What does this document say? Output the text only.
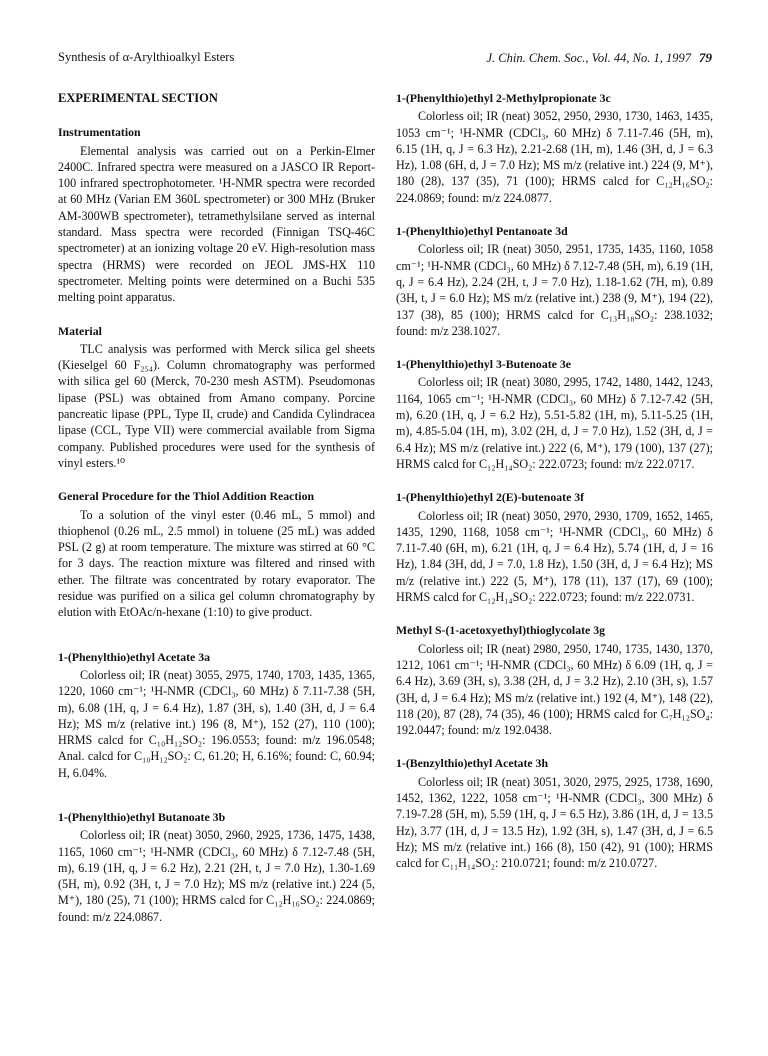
Synthesis of α-Arylthioalkyl Esters	J. Chin. Chem. Soc., Vol. 44, No. 1, 1997 79
EXPERIMENTAL SECTION
Instrumentation

Elemental analysis was carried out on a Perkin-Elmer 2400C. Infrared spectra were measured on a JASCO IR Report-100 infrared spectrophotometer. ¹H-NMR spectra were recorded at 60 MHz (Varian EM 360L spectrometer) or 300 MHz (Bruker AM-300WB spectrometer), tetramethylsilane served as internal standard. Mass spectra were recorded (Finnigan TSQ-46C spectrometer) at an ionizing voltage 20 eV. High-resolution mass spectra (HRMS) were recorded on JEOL JMS-HX 110 spectrometer. Melting points were determined on a Buchi 535 melting point apparatus.

Material

TLC analysis was performed with Merck silica gel sheets (Kieselgel 60 F₂₅₄). Column chromatography was performed with silica gel 60 (Merck, 70-230 mesh ASTM). Pseudomonas lipase (PSL) was obtained from Amano company. Porcine pancreatic lipase (PPL, Type II, crude) and Candida Cylindracea lipase (CCL, Type VII) were commercial available from Sigma company. Published procedures were used for the synthesis of vinyl esters.¹⁰

General Procedure for the Thiol Addition Reaction

To a solution of the vinyl ester (0.46 mL, 5 mmol) and thiophenol (0.26 mL, 2.5 mmol) in toluene (25 mL) was added PSL (2 g) at room temperature. The mixture was stirred at 60 °C for 3 days. The reaction mixture was filtered and rinsed with ether. The filtrate was concentrated by rotary evaporator. The residue was purified on a silica gel column chromatography by elution with EtOAc/n-hexane (1:10) to give product.

1-(Phenylthio)ethyl Acetate 3a

Colorless oil; IR (neat) 3055, 2975, 1740, 1703, 1435, 1365, 1220, 1060 cm⁻¹; ¹H-NMR (CDCl₃, 60 MHz) δ 7.11-7.38 (5H, m), 6.08 (1H, q, J = 6.4 Hz), 1.87 (3H, s), 1.40 (3H, d, J = 6.4 Hz); MS m/z (relative int.) 196 (8, M⁺), 152 (27), 110 (100); HRMS calcd for C₁₀H₁₂SO₂: 196.0553; found: m/z 196.0548; Anal. calcd for C₁₀H₁₂SO₂: C, 61.20; H, 6.16%; found: C, 60.94; H, 6.04%.

1-(Phenylthio)ethyl Butanoate 3b

Colorless oil; IR (neat) 3050, 2960, 2925, 1736, 1475, 1438, 1165, 1060 cm⁻¹; ¹H-NMR (CDCl₃, 60 MHz) δ 7.12-7.48 (5H, m), 6.19 (1H, q, J = 6.2 Hz), 2.21 (2H, t, J = 7.0 Hz), 1.30-1.69 (5H, m), 0.92 (3H, t, J = 7.0 Hz); MS m/z (relative int.) 224 (5, M⁺), 180 (25), 71 (100); HRMS calcd for C₁₂H₁₆SO₂: 224.0869; found: m/z 224.0867.

1-(Phenylthio)ethyl 2-Methylpropionate 3c

Colorless oil; IR (neat) 3052, 2950, 2930, 1730, 1463, 1435, 1053 cm⁻¹; ¹H-NMR (CDCl₃, 60 MHz) δ 7.11-7.46 (5H, m), 6.15 (1H, q, J = 6.3 Hz), 2.21-2.68 (1H, m), 1.46 (3H, d, J = 6.3 Hz), 1.08 (6H, d, J = 7.0 Hz); MS m/z (relative int.) 224 (9, M⁺), 180 (28), 137 (35), 71 (100); HRMS calcd for C₁₂H₁₆SO₂: 224.0869; found: m/z 224.0877.

1-(Phenylthio)ethyl Pentanoate 3d

Colorless oil; IR (neat) 3050, 2951, 1735, 1435, 1160, 1058 cm⁻¹; ¹H-NMR (CDCl₃, 60 MHz) δ 7.12-7.48 (5H, m), 6.19 (1H, q, J = 6.4 Hz), 2.24 (2H, t, J = 7.0 Hz), 1.18-1.62 (7H, m), 0.89 (3H, t, J = 6.0 Hz); MS m/z (relative int.) 238 (9, M⁺), 194 (22), 137 (38), 85 (100); HRMS calcd for C₁₃H₁₈SO₂: 238.1032; found: m/z 238.1027.

1-(Phenylthio)ethyl 3-Butenoate 3e

Colorless oil; IR (neat) 3080, 2995, 1742, 1480, 1442, 1243, 1164, 1065 cm⁻¹; ¹H-NMR (CDCl₃, 60 MHz) δ 7.12-7.42 (5H, m), 6.20 (1H, q, J = 6.2 Hz), 5.51-5.82 (1H, m), 5.11-5.25 (1H, m), 4.85-5.04 (1H, m), 3.02 (2H, d, J = 7.0 Hz), 1.52 (3H, d, J = 6.4 Hz); MS m/z (relative int.) 222 (6, M⁺), 179 (100), 137 (27); HRMS calcd for C₁₂H₁₄SO₂: 222.0723; found: m/z 222.0717.

1-(Phenylthio)ethyl 2(E)-butenoate 3f

Colorless oil; IR (neat) 3050, 2970, 2930, 1709, 1652, 1465, 1435, 1290, 1168, 1058 cm⁻¹; ¹H-NMR (CDCl₃, 60 MHz) δ 7.11-7.40 (6H, m), 6.21 (1H, q, J = 6.4 Hz), 5.74 (1H, d, J = 16 Hz), 1.84 (3H, dd, J = 7.0, 1.8 Hz), 1.50 (3H, d, J = 6.4 Hz); MS m/z (relative int.) 222 (5, M⁺), 178 (11), 137 (17), 69 (100); HRMS calcd for C₁₂H₁₄SO₂: 222.0723; found: m/z 222.0731.

Methyl S-(1-acetoxyethyl)thioglycolate 3g

Colorless oil; IR (neat) 2980, 2950, 1740, 1735, 1430, 1370, 1212, 1061 cm⁻¹; ¹H-NMR (CDCl₃, 60 MHz) δ 6.09 (1H, q, J = 6.4 Hz), 3.69 (3H, s), 3.38 (2H, d, J = 3.2 Hz), 2.10 (3H, s), 1.57 (3H, d, J = 6.4 Hz); MS m/z (relative int.) 192 (4, M⁺), 148 (22), 118 (20), 87 (28), 74 (35), 46 (100); HRMS calcd for C₇H₁₂SO₄: 192.0447; found: m/z 192.0438.

1-(Benzylthio)ethyl Acetate 3h

Colorless oil; IR (neat) 3051, 3020, 2975, 2925, 1738, 1690, 1452, 1362, 1222, 1058 cm⁻¹; ¹H-NMR (CDCl₃, 300 MHz) δ 7.19-7.28 (5H, m), 5.59 (1H, q, J = 6.5 Hz), 3.86 (1H, d, J = 13.5 Hz), 3.77 (1H, d, J = 13.5 Hz), 1.92 (3H, s), 1.47 (3H, d, J = 6.5 Hz); MS m/z (relative int.) 166 (8), 150 (42), 91 (100); HRMS calcd for C₁₁H₁₄SO₂: 210.0721; found: m/z 210.0727.
